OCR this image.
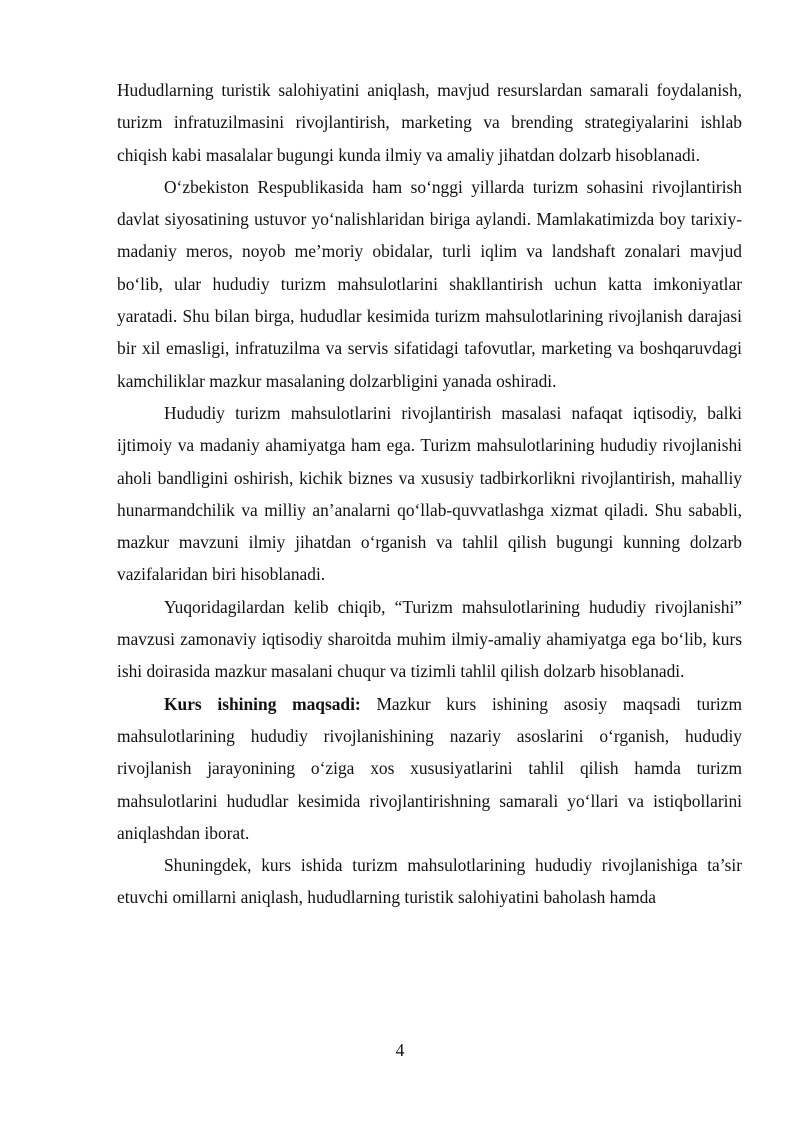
Hududlarning turistik salohiyatini aniqlash, mavjud resurslardan samarali foydalanish, turizm infratuzilmasini rivojlantirish, marketing va brending strategiyalarini ishlab chiqish kabi masalalar bugungi kunda ilmiy va amaliy jihatdan dolzarb hisoblanadi.

O‘zbekiston Respublikasida ham so‘nggi yillarda turizm sohasini rivojlantirish davlat siyosatining ustuvor yo‘nalishlaridan biriga aylandi. Mamlakatimizda boy tarixiy-madaniy meros, noyob me’moriy obidalar, turli iqlim va landshaft zonalari mavjud bo‘lib, ular hududiy turizm mahsulotlarini shakllantirish uchun katta imkoniyatlar yaratadi. Shu bilan birga, hududlar kesimida turizm mahsulotlarining rivojlanish darajasi bir xil emasligi, infratuzilma va servis sifatidagi tafovutlar, marketing va boshqaruvdagi kamchiliklar mazkur masalaning dolzarbligini yanada oshiradi.

Hududiy turizm mahsulotlarini rivojlantirish masalasi nafaqat iqtisodiy, balki ijtimoiy va madaniy ahamiyatga ham ega. Turizm mahsulotlarining hududiy rivojlanishi aholi bandligini oshirish, kichik biznes va xususiy tadbirkorlikni rivojlantirish, mahalliy hunarmandchilik va milliy an’analarni qo‘llab-quvvatlashga xizmat qiladi. Shu sababli, mazkur mavzuni ilmiy jihatdan o‘rganish va tahlil qilish bugungi kunning dolzarb vazifalaridan biri hisoblanadi.

Yuqoridagilardan kelib chiqib, “Turizm mahsulotlarining hududiy rivojlanishi” mavzusi zamonaviy iqtisodiy sharoitda muhim ilmiy-amaliy ahamiyatga ega bo‘lib, kurs ishi doirasida mazkur masalani chuqur va tizimli tahlil qilish dolzarb hisoblanadi.

Kurs ishining maqsadi: Mazkur kurs ishining asosiy maqsadi turizm mahsulotlarining hududiy rivojlanishining nazariy asoslarini o‘rganish, hududiy rivojlanish jarayonining o‘ziga xos xususiyatlarini tahlil qilish hamda turizm mahsulotlarini hududlar kesimida rivojlantirishning samarali yo‘llari va istiqbollarini aniqlashdan iborat.

Shuningdek, kurs ishida turizm mahsulotlarining hududiy rivojlanishiga ta’sir etuvchi omillarni aniqlash, hududlarning turistik salohiyatini baholash hamda

4
